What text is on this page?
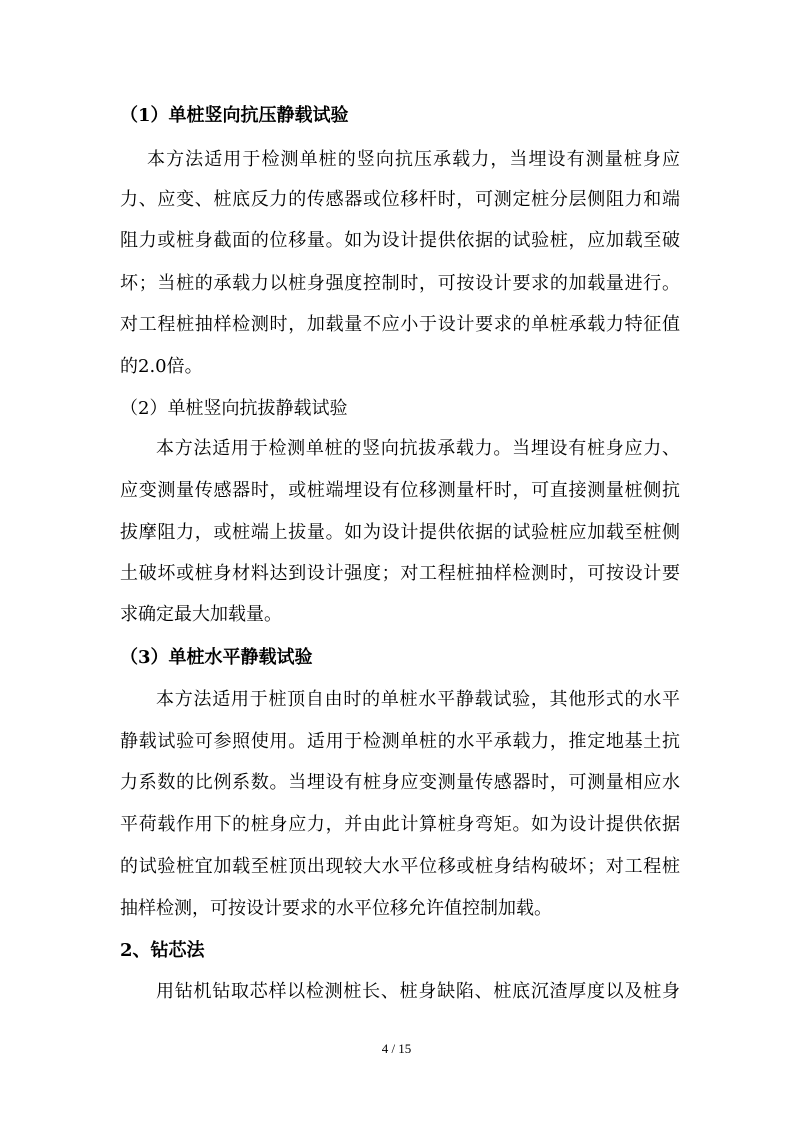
（1）单桩竖向抗压静载试验
本方法适用于检测单桩的竖向抗压承载力，当埋设有测量桩身应
力、应变、桩底反力的传感器或位移杆时，可测定桩分层侧阻力和端
阻力或桩身截面的位移量。如为设计提供依据的试验桩，应加载至破
坏；当桩的承载力以桩身强度控制时，可按设计要求的加载量进行。
对工程桩抽样检测时，加载量不应小于设计要求的单桩承载力特征值
的2.0倍。
（2）单桩竖向抗拔静载试验
本方法适用于检测单桩的竖向抗拔承载力。当埋设有桩身应力、
应变测量传感器时，或桩端埋设有位移测量杆时，可直接测量桩侧抗
拔摩阻力，或桩端上拔量。如为设计提供依据的试验桩应加载至桩侧
土破坏或桩身材料达到设计强度；对工程桩抽样检测时，可按设计要
求确定最大加载量。
（3）单桩水平静载试验
本方法适用于桩顶自由时的单桩水平静载试验，其他形式的水平
静载试验可参照使用。适用于检测单桩的水平承载力，推定地基土抗
力系数的比例系数。当埋设有桩身应变测量传感器时，可测量相应水
平荷载作用下的桩身应力，并由此计算桩身弯矩。如为设计提供依据
的试验桩宜加载至桩顶出现较大水平位移或桩身结构破坏；对工程桩
抽样检测，可按设计要求的水平位移允许值控制加载。
2、钻芯法
用钻机钻取芯样以检测桩长、桩身缺陷、桩底沉渣厚度以及桩身
4 / 15
